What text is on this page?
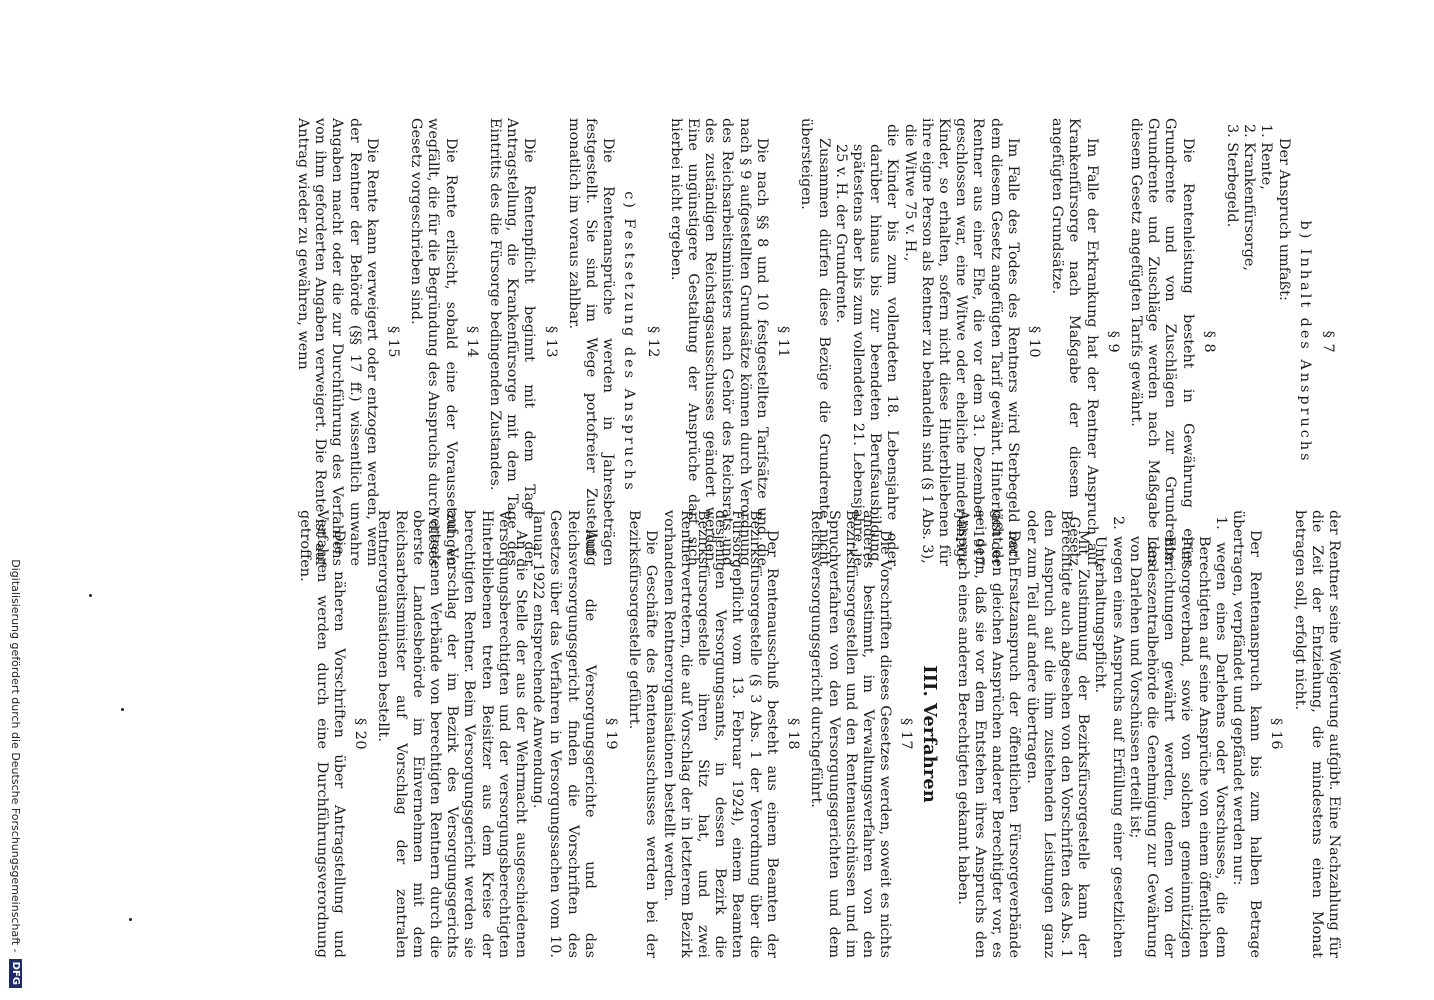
§ 7
b) Inhalt des Anspruchs

Der Anspruch umfaßt:

1. Rente,

2. Krankenfürsorge,

3. Sterbegeld.

§ 8

Die Rentenleistung besteht in Gewährung einer Grundrente und von Zuschlägen zur Grundrente. Grundrente und Zuschläge werden nach Maßgabe des diesem Gesetz angefügten Tarifs gewährt.

§ 9

Im Falle der Erkrankung hat der Rentner Anspruch auf Krankenfürsorge nach Maßgabe der diesem Gesetz angefügten Grundsätze.

§ 10

Im Falle des Todes des Rentners wird Sterbegeld nach dem diesem Gesetz angefügten Tarif gewährt. Hinterläßt der Rentner aus einer Ehe, die vor dem 31. Dezember 1917 geschlossen war, eine Witwe oder eheliche minderjährige Kinder, so erhalten, sofern nicht diese Hinterbliebenen für ihre eigne Person als Rentner zu behandeln sind (§ 1 Abs. 3),

die Witwe 75 v. H.,

die Kinder bis zum vollendeten 18. Lebensjahre oder darüber hinaus bis zur beendeten Berufsausbildung, spätestens aber bis zum vollendeten 21. Lebensjahre, je 25 v. H. der Grundrente.

Zusammen dürfen diese Bezüge die Grundrente nicht übersteigen.

§ 11

Die nach §§ 8 und 10 festgestellten Tarifsätze und die nach § 9 aufgestellten Grundsätze können durch Verordnung des Reichsarbeitsministers nach Gehör des Reichsrats und des zuständigen Reichstagsausschusses geändert werden. Eine ungünstigere Gestaltung der Ansprüche darf sich hierbei nicht ergeben.

§ 12
c) Festsetzung des Anspruchs

Die Rentenansprüche werden in Jahresbeträgen festgestellt. Sie sind im Wege portofreier Zustellung monatlich im voraus zahlbar.

§ 13

Die Rentenpflicht beginnt mit dem Tage der Antragstellung, die Krankenfürsorge mit dem Tage des Eintritts des die Fürsorge bedingenden Zustandes.

§ 14

Die Rente erlischt, sobald eine der Voraussetzungen wegfällt, die für die Begründung des Anspruchs durch dieses Gesetz vorgeschrieben sind.

§ 15

Die Rente kann verweigert oder entzogen werden, wenn der Rentner der Behörde (§§ 17 ff.) wissentlich unwahre Angaben macht oder die zur Durchführung des Verfahrens von ihm geforderten Angaben verweigert. Die Rente ist auf Antrag wieder zu gewähren, wenn

der Rentner seine Weigerung aufgibt. Eine Nachzahlung für die Zeit der Entziehung, die mindestens einen Monat betragen soll, erfolgt nicht.

§ 16

Der Rentenanspruch kann bis zum halben Betrage übertragen, verpfändet und gepfändet werden nur:

1. wegen eines Darlehens oder Vorschusses, die dem Berechtigten auf seine Ansprüche von einem öffentlichen Fürsorgeverband, sowie von solchen gemeinnützigen Einrichtungen gewährt werden, denen von der Landeszentralbehörde die Genehmigung zur Gewährung von Darlehen und Vorschüssen erteilt ist;

2. wegen eines Anspruchs auf Erfüllung einer gesetzlichen Unterhaltungspflicht.

Mit Zustimmung der Bezirksfürsorgestelle kann der Berechtigte auch abgesehen von den Vorschriften des Abs. 1 den Anspruch auf die ihm zustehenden Leistungen ganz oder zum Teil auf andere übertragen.

Der Ersatzanspruch der öffentlichen Fürsorgeverbände geht den gleichen Ansprüchen anderer Berechtigter vor, es sei denn, daß sie vor dem Entstehen ihres Anspruchs den Anspruch eines anderen Berechtigten gekannt haben.

III. Verfahren
§ 17

Die Vorschriften dieses Gesetzes werden, soweit es nichts anderes bestimmt, im Verwaltungsverfahren von den Bezirksfürsorgestellen und den Rentenausschüssen und im Spruchverfahren von den Versorgungsgerichten und dem Reichsversorgungsgericht durchgeführt.

§ 18

Der Rentenausschuß besteht aus einem Beamten der Bezirksfürsorgestelle (§ 3 Abs. 1 der Verordnung über die Fürsorgepflicht vom 13. Februar 1924), einem Beamten desjenigen Versorgungsamts, in dessen Bezirk die Bezirksfürsorgestelle ihren Sitz hat, und zwei Rentnervertretern, die auf Vorschlag der in letzterem Bezirk vorhandenen Rentnerorganisationen bestellt werden.

Die Geschäfte des Rentenausschusses werden bei der Bezirksfürsorgestelle geführt.

§ 19

Auf die Versorgungsgerichte und das Reichsversorgungsgericht finden die Vorschriften des Gesetzes über das Verfahren in Versorgungssachen vom 10. Januar 1922 entsprechende Anwendung.

An die Stelle der aus der Wehrmacht ausgeschiedenen Versorgungsberechtigten und der versorgungsberechtigten Hinterbliebenen treten Beisitzer aus dem Kreise der berechtigten Rentner. Beim Versorgungsgericht werden sie auf Vorschlag der im Bezirk des Versorgungsgerichts vertretenen Verbände von berechtigten Rentnern durch die oberste Landesbehörde im Einvernehmen mit dem Reichsarbeitsminister auf Vorschlag der zentralen Rentnerorganisationen bestellt.

§ 20

Die näheren Vorschriften über Antragstellung und Verfahren werden durch eine Durchführungsverordnung getroffen.

Digitalisierung gefördert durch die Deutsche Forschungsgemeinschaft -
DFG
